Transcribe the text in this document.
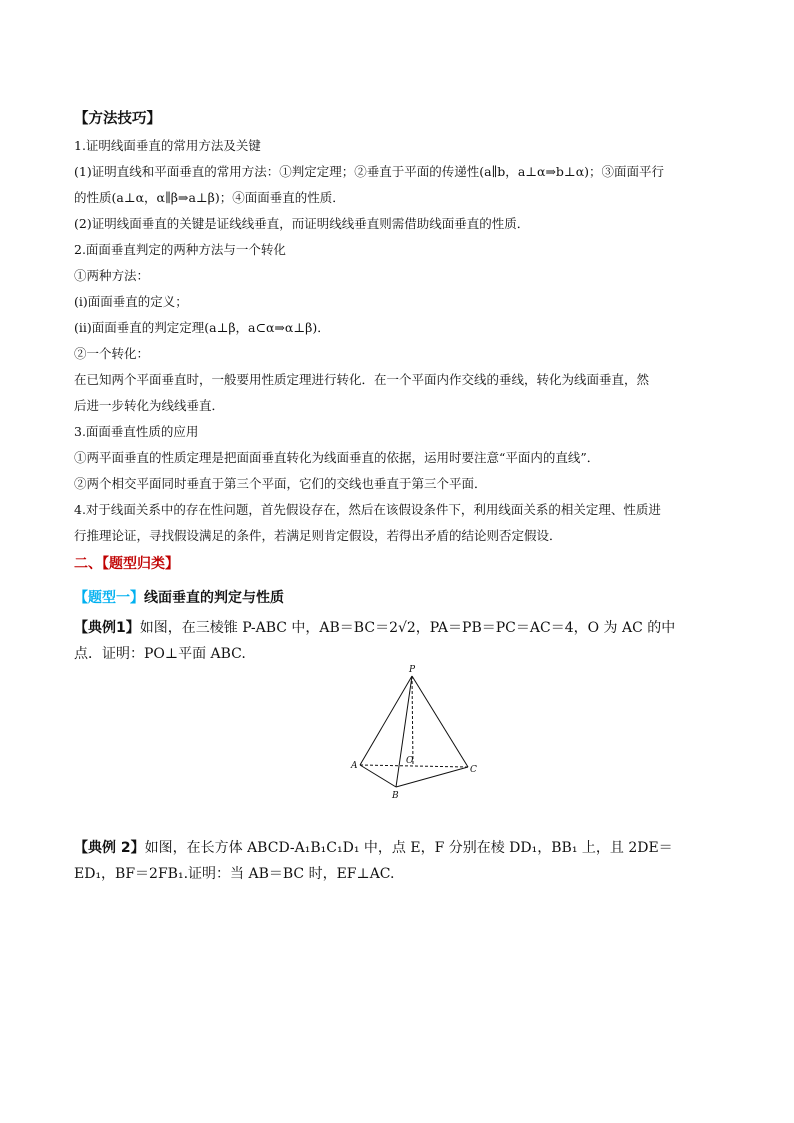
【方法技巧】

1.证明线面垂直的常用方法及关键

(1)证明直线和平面垂直的常用方法：①判定定理；②垂直于平面的传递性(a∥b，a⊥α⇒b⊥α)；③面面平行

的性质(a⊥α，α∥β⇒a⊥β)；④面面垂直的性质．

(2)证明线面垂直的关键是证线线垂直，而证明线线垂直则需借助线面垂直的性质．

2.面面垂直判定的两种方法与一个转化

①两种方法：

(ⅰ)面面垂直的定义；

(ⅱ)面面垂直的判定定理(a⊥β，a⊂α⇒α⊥β)．

②一个转化：

在已知两个平面垂直时，一般要用性质定理进行转化．在一个平面内作交线的垂线，转化为线面垂直，然

后进一步转化为线线垂直．

3.面面垂直性质的应用

①两平面垂直的性质定理是把面面垂直转化为线面垂直的依据，运用时要注意“平面内的直线”．

②两个相交平面同时垂直于第三个平面，它们的交线也垂直于第三个平面．

4.对于线面关系中的存在性问题，首先假设存在，然后在该假设条件下，利用线面关系的相关定理、性质进

行推理论证，寻找假设满足的条件，若满足则肯定假设，若得出矛盾的结论则否定假设．

二、【题型归类】

【题型一】线面垂直的判定与性质

【典例1】如图，在三棱锥 P-ABC 中，AB＝BC＝2√2，PA＝PB＝PC＝AC＝4，O 为 AC 的中
点．证明：PO⊥平面 ABC.

P
A
B
C
O

【典例 2】如图，在长方体 ABCD-A₁B₁C₁D₁ 中，点 E，F 分别在棱 DD₁，BB₁ 上，且 2DE＝
ED₁，BF＝2FB₁.证明：当 AB＝BC 时，EF⊥AC.
